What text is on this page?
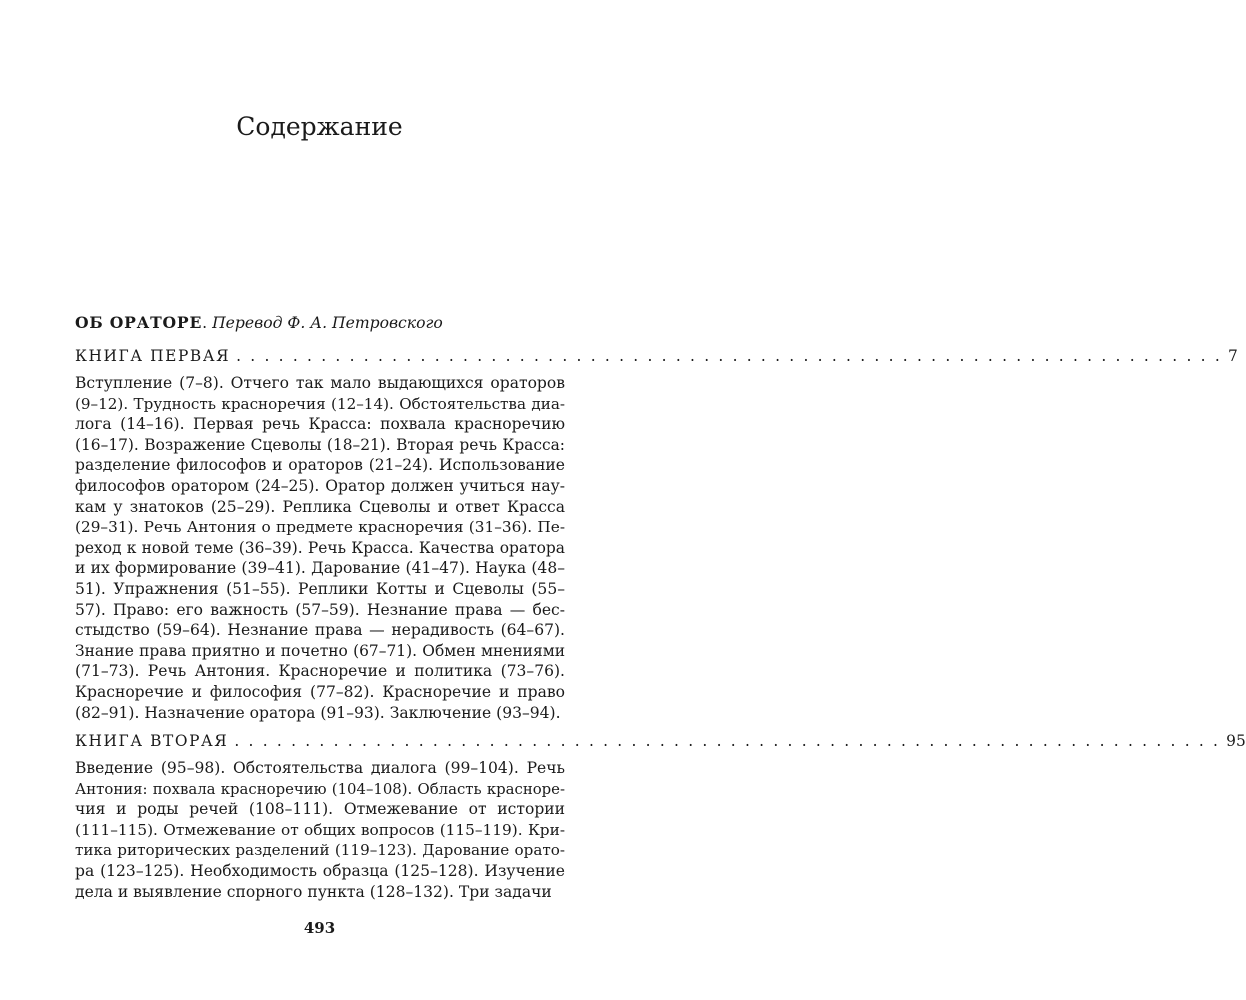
Содержание
ОБ ОРАТОРЕ. Перевод Ф. А. Петровского
КНИГА ПЕРВАЯ . . . . . . . . . . . . . . . . . . . . . . . . . . . . . . . . . . . . . . . . . . . . . . . . . . . . . . . . . . . . . . . . . . . . . . 7
Вступление (7–8). Отчего так мало выдающихся ораторов
(9–12). Трудность красноречия (12–14). Обстоятельства диа-
лога (14–16). Первая речь Красса: похвала красноречию
(16–17). Возражение Сцеволы (18–21). Вторая речь Красса:
разделение философов и ораторов (21–24). Использование
философов оратором (24–25). Оратор должен учиться нау-
кам у знатоков (25–29). Реплика Сцеволы и ответ Красса
(29–31). Речь Антония о предмете красноречия (31–36). Пе-
реход к новой теме (36–39). Речь Красса. Качества оратора
и их формирование (39–41). Дарование (41–47). Наука (48–
51). Упражнения (51–55). Реплики Котты и Сцеволы (55–
57). Право: его важность (57–59). Незнание права — бес-
стыдство (59–64). Незнание права — нерадивость (64–67).
Знание права приятно и почетно (67–71). Обмен мнениями
(71–73). Речь Антония. Красноречие и политика (73–76).
Красноречие и философия (77–82). Красноречие и право
(82–91). Назначение оратора (91–93). Заключение (93–94).
КНИГА ВТОРАЯ . . . . . . . . . . . . . . . . . . . . . . . . . . . . . . . . . . . . . . . . . . . . . . . . . . . . . . . . . . . . . . . . . . . . . . 95
Введение (95–98). Обстоятельства диалога (99–104). Речь
Антония: похвала красноречию (104–108). Область красноре-
чия и роды речей (108–111). Отмежевание от истории
(111–115). Отмежевание от общих вопросов (115–119). Кри-
тика риторических разделений (119–123). Дарование орато-
ра (123–125). Необходимость образца (125–128). Изучение
дела и выявление спорного пункта (128–132). Три задачи
493
